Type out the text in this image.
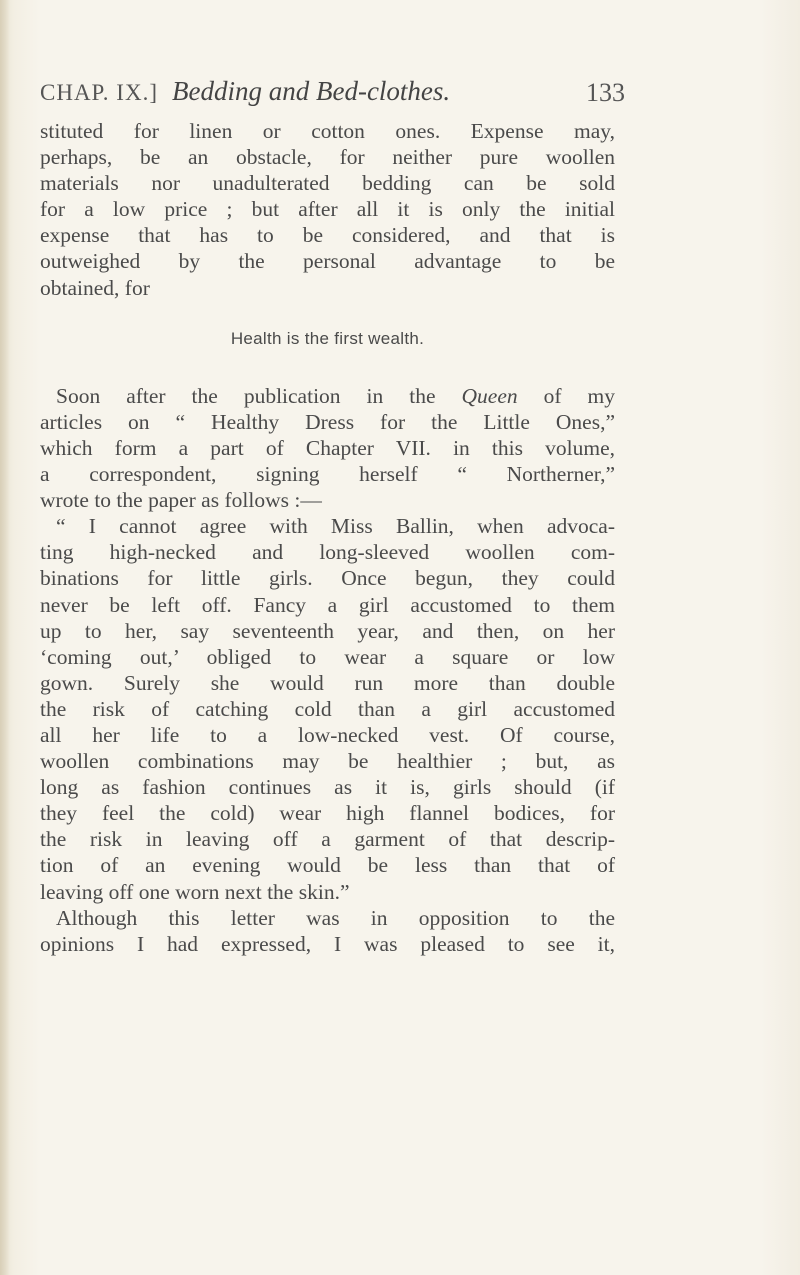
CHAP. IX.] Bedding and Bed-clothes.	133
stituted for linen or cotton ones. Expense may,
perhaps, be an obstacle, for neither pure woollen
materials nor unadulterated bedding can be sold
for a low price ; but after all it is only the initial
expense that has to be considered, and that is
outweighed by the personal advantage to be
obtained, for
Health is the first wealth.
Soon after the publication in the Queen of my
articles on “ Healthy Dress for the Little Ones,”
which form a part of Chapter VII. in this volume,
a correspondent, signing herself “ Northerner,”
wrote to the paper as follows :—
“ I cannot agree with Miss Ballin, when advoca-
ting high-necked and long-sleeved woollen com-
binations for little girls. Once begun, they could
never be left off. Fancy a girl accustomed to them
up to her, say seventeenth year, and then, on her
‘coming out,’ obliged to wear a square or low
gown. Surely she would run more than double
the risk of catching cold than a girl accustomed
all her life to a low-necked vest. Of course,
woollen combinations may be healthier ; but, as
long as fashion continues as it is, girls should (if
they feel the cold) wear high flannel bodices, for
the risk in leaving off a garment of that descrip-
tion of an evening would be less than that of
leaving off one worn next the skin.”
Although this letter was in opposition to the
opinions I had expressed, I was pleased to see it,
